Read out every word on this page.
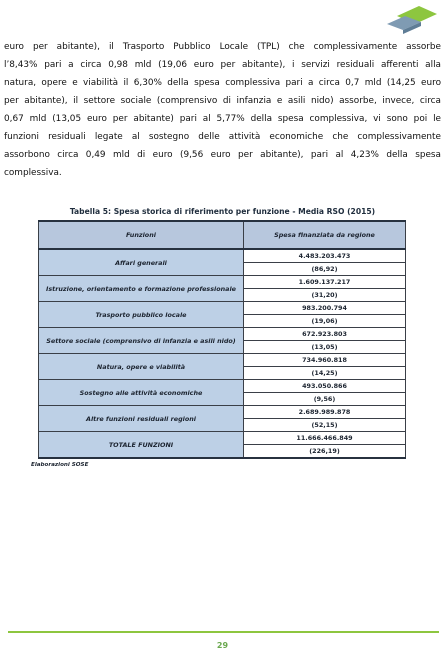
euro per abitante), il Trasporto Pubblico Locale (TPL) che complessivamente assorbe
l’8,43% pari a circa 0,98 mld (19,06 euro per abitante), i servizi residuali afferenti alla
natura, opere e viabilità il 6,30% della spesa complessiva pari a circa 0,7 mld (14,25 euro
per abitante), il settore sociale (comprensivo di infanzia e asili nido) assorbe, invece, circa
0,67 mld (13,05 euro per abitante) pari al 5,77% della spesa complessiva, vi sono poi le
funzioni residuali legate al sostegno delle attività economiche che complessivamente
assorbono circa 0,49 mld di euro (9,56 euro per abitante), pari al 4,23% della spesa
complessiva.
Tabella 5: Spesa storica di riferimento per funzione - Media RSO (2015)
Funzioni	Spesa finanziata da regione
Affari generali	4.483.203.473
(86,92)

Istruzione, orientamento e formazione professionale	1.609.137.217
(31,20)

Trasporto pubblico locale	983.200.794
(19,06)

Settore sociale (comprensivo di infanzia e asili nido)	672.923.803
(13,05)

Natura, opere e viabilità	734.960.818
(14,25)

Sostegno alle attività economiche	493.050.866
(9,56)

Altre funzioni residuali regioni	2.689.989.878
(52,15)

TOTALE FUNZIONI	11.666.466.849
(226,19)
Elaborazioni SOSE
29
